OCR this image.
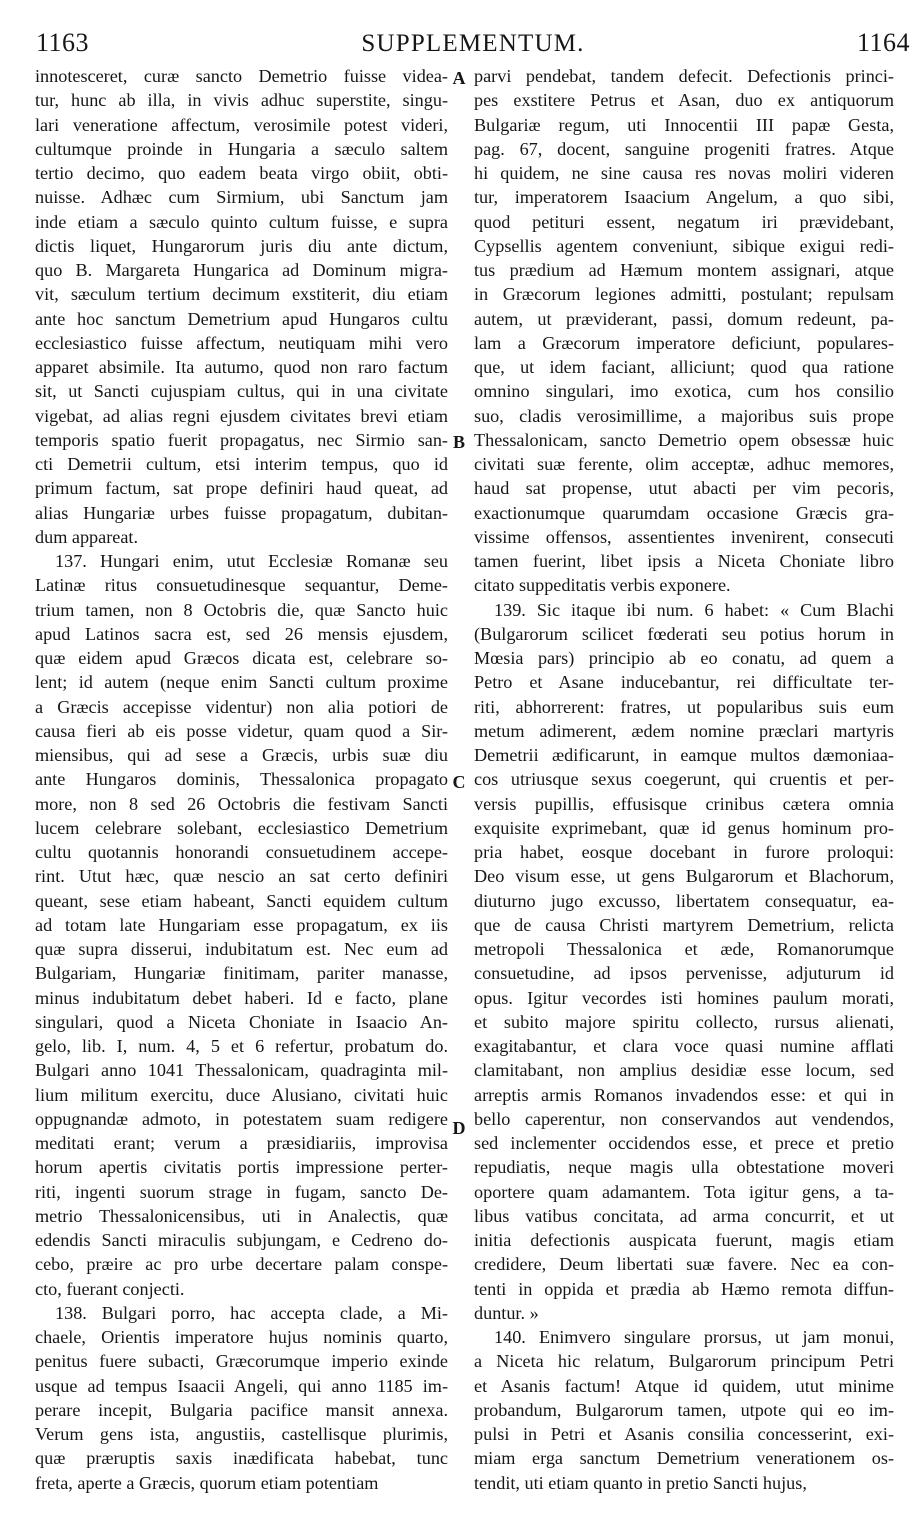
1163	SUPPLEMENTUM.	1164
innotesceret, curæ sancto Demetrio fuisse videa-
tur, hunc ab illa, in vivis adhuc superstite, singu-
lari veneratione affectum, verosimile potest videri,
cultumque proinde in Hungaria a sæculo saltem
tertio decimo, quo eadem beata virgo obiit, obti-
nuisse. Adhæc cum Sirmium, ubi Sanctum jam
inde etiam a sæculo quinto cultum fuisse, e supra
dictis liquet, Hungarorum juris diu ante dictum,
quo B. Margareta Hungarica ad Dominum migra-
vit, sæculum tertium decimum exstiterit, diu etiam
ante hoc sanctum Demetrium apud Hungaros cultu
ecclesiastico fuisse affectum, neutiquam mihi vero
apparet absimile. Ita autumo, quod non raro factum
sit, ut Sancti cujuspiam cultus, qui in una civitate
vigebat, ad alias regni ejusdem civitates brevi etiam
temporis spatio fuerit propagatus, nec Sirmio san-
cti Demetrii cultum, etsi interim tempus, quo id
primum factum, sat prope definiri haud queat, ad
alias Hungariæ urbes fuisse propagatum, dubitan-
dum appareat.
137. Hungari enim, utut Ecclesiæ Romanæ seu
Latinæ ritus consuetudinesque sequantur, Deme-
trium tamen, non 8 Octobris die, quæ Sancto huic
apud Latinos sacra est, sed 26 mensis ejusdem,
quæ eidem apud Græcos dicata est, celebrare so-
lent; id autem (neque enim Sancti cultum proxime
a Græcis accepisse videntur) non alia potiori de
causa fieri ab eis posse videtur, quam quod a Sir-
miensibus, qui ad sese a Græcis, urbis suæ diu
ante Hungaros dominis, Thessalonica propagato
more, non 8 sed 26 Octobris die festivam Sancti
lucem celebrare solebant, ecclesiastico Demetrium
cultu quotannis honorandi consuetudinem accepe-
rint. Utut hæc, quæ nescio an sat certo definiri
queant, sese etiam habeant, Sancti equidem cultum
ad totam late Hungariam esse propagatum, ex iis
quæ supra disserui, indubitatum est. Nec eum ad
Bulgariam, Hungariæ finitimam, pariter manasse,
minus indubitatum debet haberi. Id e facto, plane
singulari, quod a Niceta Choniate in Isaacio An-
gelo, lib. I, num. 4, 5 et 6 refertur, probatum do.
Bulgari anno 1041 Thessalonicam, quadraginta mil-
lium militum exercitu, duce Alusiano, civitati huic
oppugnandæ admoto, in potestatem suam redigere
meditati erant; verum a præsidiariis, improvisa
horum apertis civitatis portis impressione perter-
riti, ingenti suorum strage in fugam, sancto De-
metrio Thessalonicensibus, uti in Analectis, quæ
edendis Sancti miraculis subjungam, e Cedreno do-
cebo, præire ac pro urbe decertare palam conspe-
cto, fuerant conjecti.
138. Bulgari porro, hac accepta clade, a Mi-
chaele, Orientis imperatore hujus nominis quarto,
penitus fuere subacti, Græcorumque imperio exinde
usque ad tempus Isaacii Angeli, qui anno 1185 im-
perare incepit, Bulgaria pacifice mansit annexa.
Verum gens ista, angustiis, castellisque plurimis,
quæ præruptis saxis inædificata habebat, tunc
freta, aperte a Græcis, quorum etiam potentiam
parvi pendebat, tandem defecit. Defectionis princi-
pes exstitere Petrus et Asan, duo ex antiquorum
Bulgariæ regum, uti Innocentii III papæ Gesta,
pag. 67, docent, sanguine progeniti fratres. Atque
hi quidem, ne sine causa res novas moliri videren
tur, imperatorem Isaacium Angelum, a quo sibi,
quod petituri essent, negatum iri prævidebant,
Cypsellis agentem conveniunt, sibique exigui redi-
tus prædium ad Hæmum montem assignari, atque
in Græcorum legiones admitti, postulant; repulsam
autem, ut præviderant, passi, domum redeunt, pa-
lam a Græcorum imperatore deficiunt, populares-
que, ut idem faciant, alliciunt; quod qua ratione
omnino singulari, imo exotica, cum hos consilio
suo, cladis verosimillime, a majoribus suis prope
Thessalonicam, sancto Demetrio opem obsessæ huic
civitati suæ ferente, olim acceptæ, adhuc memores,
haud sat propense, utut abacti per vim pecoris,
exactionumque quarumdam occasione Græcis gra-
vissime offensos, assentientes invenirent, consecuti
tamen fuerint, libet ipsis a Niceta Choniate libro
citato suppeditatis verbis exponere.
139. Sic itaque ibi num. 6 habet: « Cum Blachi
(Bulgarorum scilicet fœderati seu potius horum in
Mœsia pars) principio ab eo conatu, ad quem a
Petro et Asane inducebantur, rei difficultate ter-
riti, abhorrerent: fratres, ut popularibus suis eum
metum adimerent, ædem nomine præclari martyris
Demetrii ædificarunt, in eamque multos dæmoniaa-
cos utriusque sexus coegerunt, qui cruentis et per-
versis pupillis, effusisque crinibus cætera omnia
exquisite exprimebant, quæ id genus hominum pro-
pria habet, eosque docebant in furore proloqui:
Deo visum esse, ut gens Bulgarorum et Blachorum,
diuturno jugo excusso, libertatem consequatur, ea-
que de causa Christi martyrem Demetrium, relicta
metropoli Thessalonica et æde, Romanorumque
consuetudine, ad ipsos pervenisse, adjuturum id
opus. Igitur vecordes isti homines paulum morati,
et subito majore spiritu collecto, rursus alienati,
exagitabantur, et clara voce quasi numine afflati
clamitabant, non amplius desidiæ esse locum, sed
arreptis armis Romanos invadendos esse: et qui in
bello caperentur, non conservandos aut vendendos,
sed inclementer occidendos esse, et prece et pretio
repudiatis, neque magis ulla obtestatione moveri
oportere quam adamantem. Tota igitur gens, a ta-
libus vatibus concitata, ad arma concurrit, et ut
initia defectionis auspicata fuerunt, magis etiam
credidere, Deum libertati suæ favere. Nec ea con-
tenti in oppida et prædia ab Hæmo remota diffun-
duntur. »
140. Enimvero singulare prorsus, ut jam monui,
a Niceta hic relatum, Bulgarorum principum Petri
et Asanis factum! Atque id quidem, utut minime
probandum, Bulgarorum tamen, utpote qui eo im-
pulsi in Petri et Asanis consilia concesserint, exi-
miam erga sanctum Demetrium venerationem os-
tendit, uti etiam quanto in pretio Sancti hujus,
A
B
C
D
